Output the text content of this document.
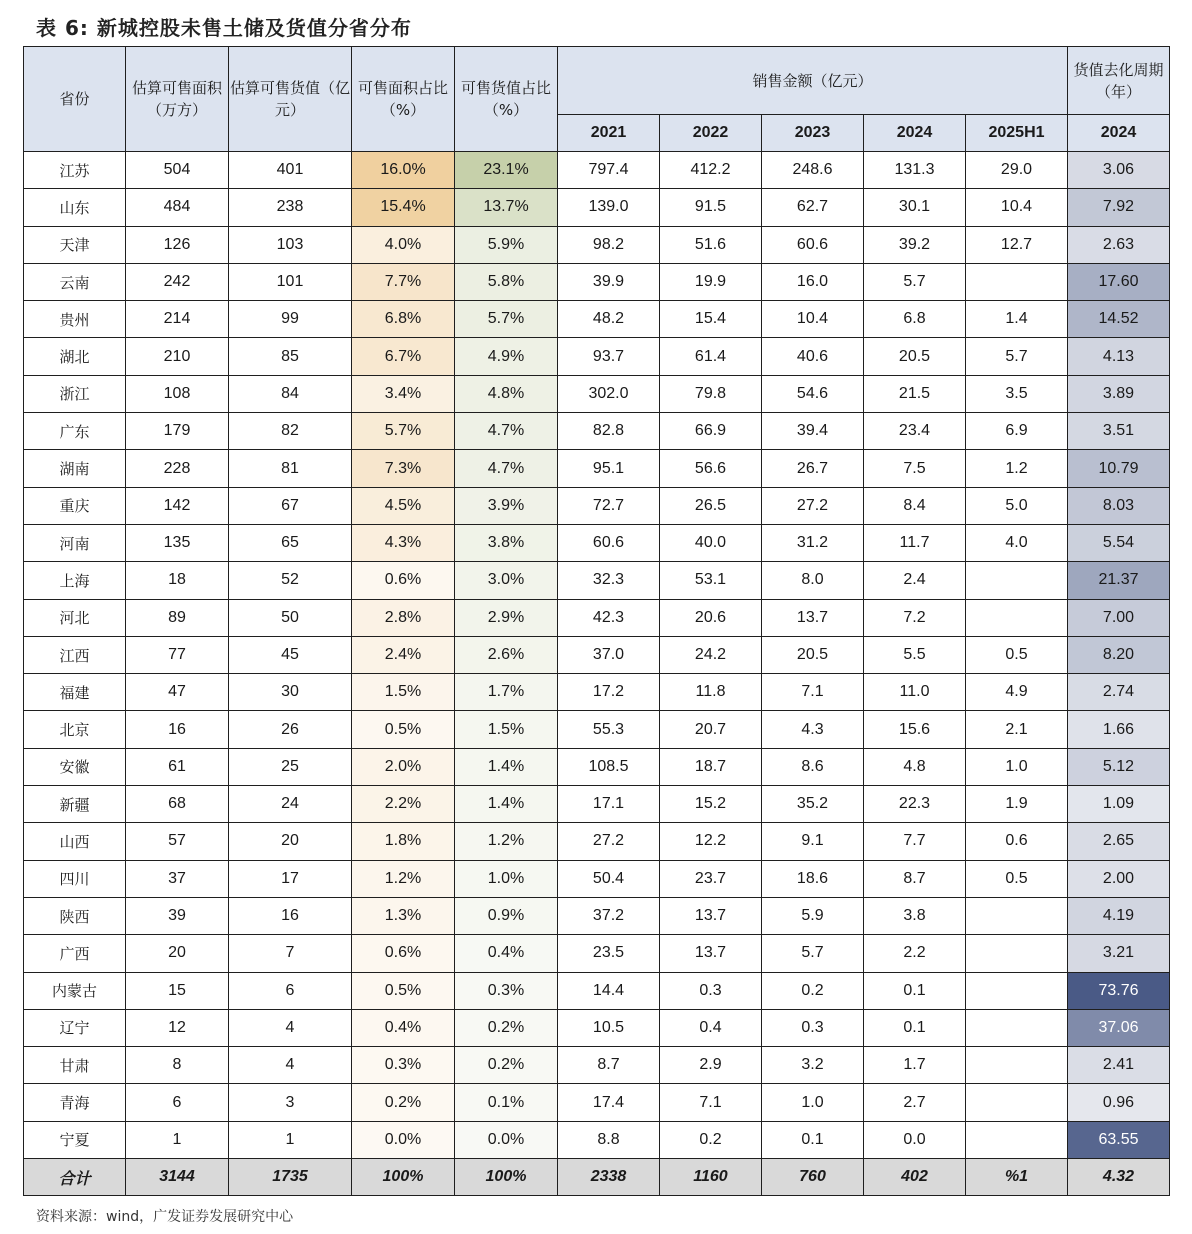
表 6: 新城控股未售土储及货值分省分布
省份	估算可售面积（万方）	估算可售货值（亿元）	可售面积占比（%）	可售货值占比（%）	销售金额（亿元）					货值去化周期（年）
					2021	2022	2023	2024	2025H1	2024
江苏	504	401	16.0%	23.1%	797.4	412.2	248.6	131.3	29.0	3.06
山东	484	238	15.4%	13.7%	139.0	91.5	62.7	30.1	10.4	7.92
天津	126	103	4.0%	5.9%	98.2	51.6	60.6	39.2	12.7	2.63
云南	242	101	7.7%	5.8%	39.9	19.9	16.0	5.7		17.60
贵州	214	99	6.8%	5.7%	48.2	15.4	10.4	6.8	1.4	14.52
湖北	210	85	6.7%	4.9%	93.7	61.4	40.6	20.5	5.7	4.13
浙江	108	84	3.4%	4.8%	302.0	79.8	54.6	21.5	3.5	3.89
广东	179	82	5.7%	4.7%	82.8	66.9	39.4	23.4	6.9	3.51
湖南	228	81	7.3%	4.7%	95.1	56.6	26.7	7.5	1.2	10.79
重庆	142	67	4.5%	3.9%	72.7	26.5	27.2	8.4	5.0	8.03
河南	135	65	4.3%	3.8%	60.6	40.0	31.2	11.7	4.0	5.54
上海	18	52	0.6%	3.0%	32.3	53.1	8.0	2.4		21.37
河北	89	50	2.8%	2.9%	42.3	20.6	13.7	7.2		7.00
江西	77	45	2.4%	2.6%	37.0	24.2	20.5	5.5	0.5	8.20
福建	47	30	1.5%	1.7%	17.2	11.8	7.1	11.0	4.9	2.74
北京	16	26	0.5%	1.5%	55.3	20.7	4.3	15.6	2.1	1.66
安徽	61	25	2.0%	1.4%	108.5	18.7	8.6	4.8	1.0	5.12
新疆	68	24	2.2%	1.4%	17.1	15.2	35.2	22.3	1.9	1.09
山西	57	20	1.8%	1.2%	27.2	12.2	9.1	7.7	0.6	2.65
四川	37	17	1.2%	1.0%	50.4	23.7	18.6	8.7	0.5	2.00
陕西	39	16	1.3%	0.9%	37.2	13.7	5.9	3.8		4.19
广西	20	7	0.6%	0.4%	23.5	13.7	5.7	2.2		3.21
内蒙古	15	6	0.5%	0.3%	14.4	0.3	0.2	0.1		73.76
辽宁	12	4	0.4%	0.2%	10.5	0.4	0.3	0.1		37.06
甘肃	8	4	0.3%	0.2%	8.7	2.9	3.2	1.7		2.41
青海	6	3	0.2%	0.1%	17.4	7.1	1.0	2.7		0.96
宁夏	1	1	0.0%	0.0%	8.8	0.2	0.1	0.0		63.55
合计	3144	1735	100%	100%	2338	1160	760	402	%1	4.32
资料来源：wind，广发证券发展研究中心
